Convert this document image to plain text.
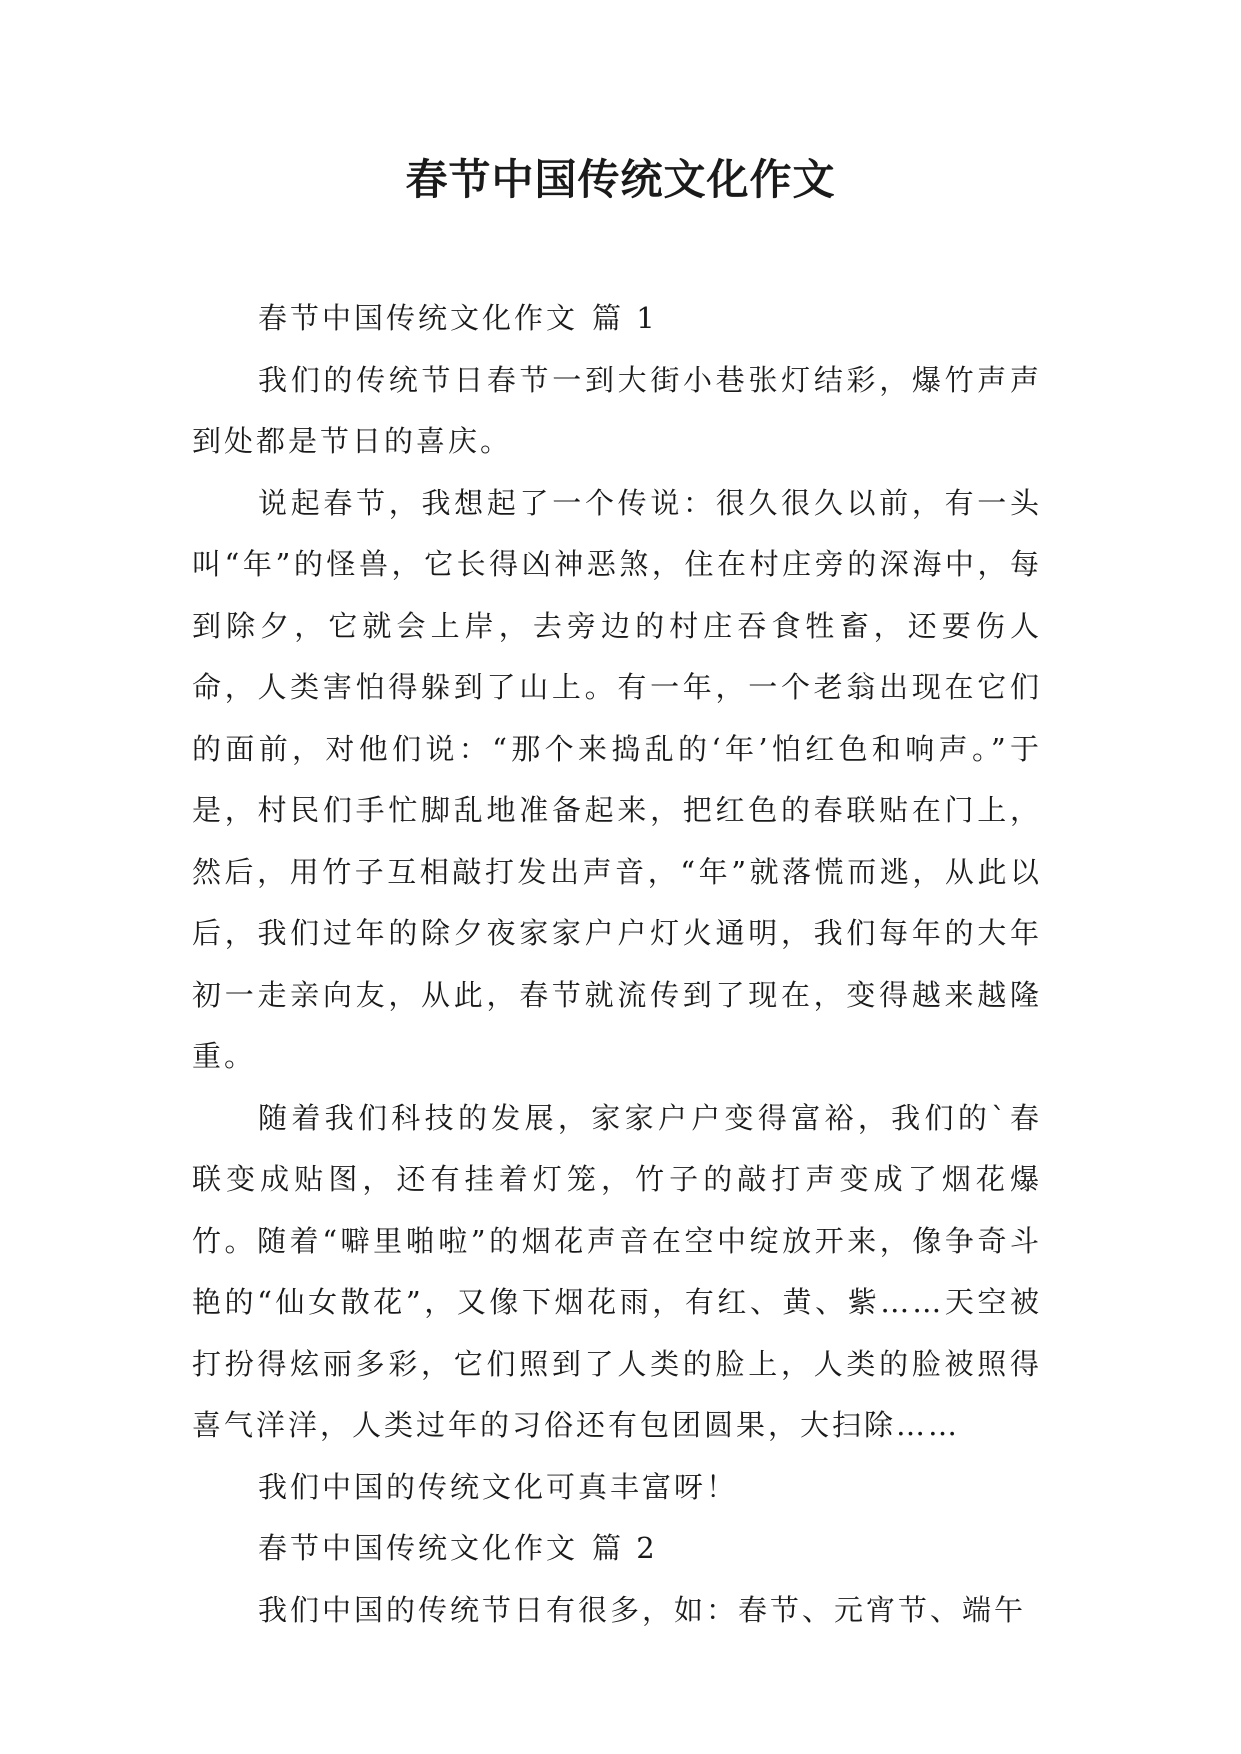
春节中国传统文化作文

春节中国传统文化作文 篇 1

我们的传统节日春节一到大街小巷张灯结彩，爆竹声声到处都是节日的喜庆。

说起春节，我想起了一个传说：很久很久以前，有一头叫“年”的怪兽，它长得凶神恶煞，住在村庄旁的深海中，每到除夕，它就会上岸，去旁边的村庄吞食牲畜，还要伤人命，人类害怕得躲到了山上。有一年，一个老翁出现在它们的面前，对他们说：“那个来捣乱的‘年’怕红色和响声。”于是，村民们手忙脚乱地准备起来，把红色的春联贴在门上，然后，用竹子互相敲打发出声音，“年”就落慌而逃，从此以后，我们过年的除夕夜家家户户灯火通明，我们每年的大年初一走亲向友，从此，春节就流传到了现在，变得越来越隆重。

随着我们科技的发展，家家户户变得富裕，我们的`春联变成贴图，还有挂着灯笼，竹子的敲打声变成了烟花爆竹。随着“噼里啪啦”的烟花声音在空中绽放开来，像争奇斗艳的“仙女散花”，又像下烟花雨，有红、黄、紫……天空被打扮得炫丽多彩，它们照到了人类的脸上，人类的脸被照得喜气洋洋，人类过年的习俗还有包团圆果，大扫除……

我们中国的传统文化可真丰富呀！

春节中国传统文化作文 篇 2

我们中国的传统节日有很多，如：春节、元宵节、端午
